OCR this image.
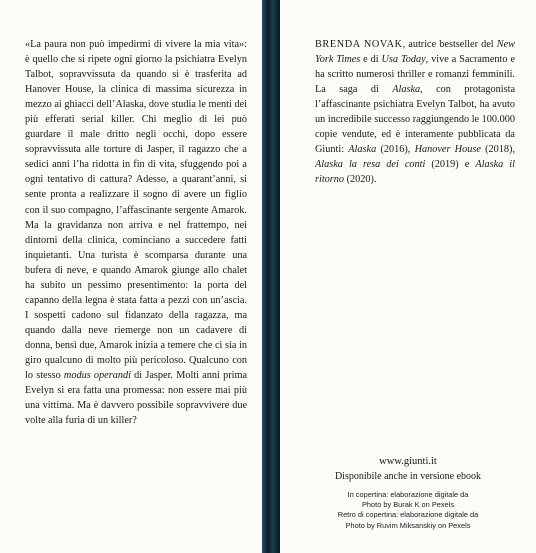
«La paura non può impedirmi di vivere la mia vita»: è quello che si ripete ogni giorno la psichiatra Evelyn Talbot, sopravvissuta da quando si è trasferita ad Hanover House, la clinica di massima sicurezza in mezzo ai ghiacci dell’Alaska, dove studia le menti dei più efferati serial killer. Chi meglio di lei può guardare il male dritto negli occhi, dopo essere sopravvissuta alle torture di Jasper, il ragazzo che a sedici anni l’ha ridotta in fin di vita, sfuggendo poi a ogni tentativo di cattura? Adesso, a quarant’anni, si sente pronta a realizzare il sogno di avere un figlio con il suo compagno, l’affascinante sergente Amarok. Ma la gravidanza non arriva e nel frattempo, nei dintorni della clinica, cominciano a succedere fatti inquietanti. Una turista è scomparsa durante una bufera di neve, e quando Amarok giunge allo chalet ha subito un pessimo presentimento: la porta del capanno della legna è stata fatta a pezzi con un’ascia. I sospetti cadono sul fidanzato della ragazza, ma quando dalla neve riemerge non un cadavere di donna, bensì due, Amarok inizia a temere che ci sia in giro qualcuno di molto più pericoloso. Qualcuno con lo stesso modus operandi di Jasper. Molti anni prima Evelyn si era fatta una promessa: non essere mai più una vittima. Ma è davvero possibile sopravvivere due volte alla furia di un killer?

BRENDA NOVAK, autrice bestseller del New York Times e di Usa Today, vive a Sacramento e ha scritto numerosi thriller e romanzi femminili. La saga di Alaska, con protagonista l’affascinante psichiatra Evelyn Talbot, ha avuto un incredibile successo raggiungendo le 100.000 copie vendute, ed è interamente pubblicata da Giunti: Alaska (2016), Hanover House (2018), Alaska la resa dei conti (2019) e Alaska il ritorno (2020).
www.giunti.it
Disponibile anche in versione ebook
In copertina: elaborazione digitale da
Photo by Burak K on Pexels
Retro di copertina: elaborazione digitale da
Photo by Ruvim Miksanskiy on Pexels
